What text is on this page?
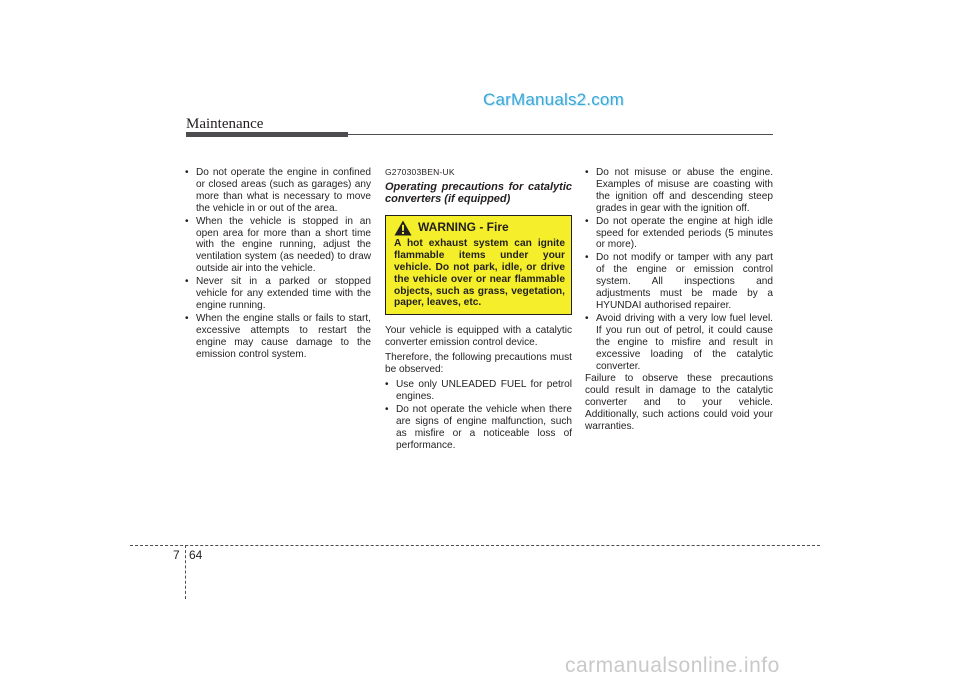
CarManuals2.com
Maintenance
• Do not operate the engine in confined or closed areas (such as garages) any more than what is necessary to move the vehicle in or out of the area.
• When the vehicle is stopped in an open area for more than a short time with the engine running, adjust the ventilation system (as needed) to draw outside air into the vehicle.
• Never sit in a parked or stopped vehicle for any extended time with the engine running.
• When the engine stalls or fails to start, excessive attempts to restart the engine may cause damage to the emission control system.
G270303BEN-UK
Operating precautions for catalytic converters (if equipped)
WARNING - Fire
A hot exhaust system can ignite flammable items under your vehicle. Do not park, idle, or drive the vehicle over or near flammable objects, such as grass, vegetation, paper, leaves, etc.

Your vehicle is equipped with a catalytic converter emission control device.

Therefore, the following precautions must be observed:

• Use only UNLEADED FUEL for petrol engines.
• Do not operate the vehicle when there are signs of engine malfunction, such as misfire or a noticeable loss of performance.
• Do not misuse or abuse the engine. Examples of misuse are coasting with the ignition off and descending steep grades in gear with the ignition off.
• Do not operate the engine at high idle speed for extended periods (5 minutes or more).
• Do not modify or tamper with any part of the engine or emission control system. All inspections and adjustments must be made by a HYUNDAI authorised repairer.
• Avoid driving with a very low fuel level. If you run out of petrol, it could cause the engine to misfire and result in excessive loading of the catalytic converter.

Failure to observe these precautions could result in damage to the catalytic converter and to your vehicle. Additionally, such actions could void your warranties.

7 64
carmanualsonline.info
